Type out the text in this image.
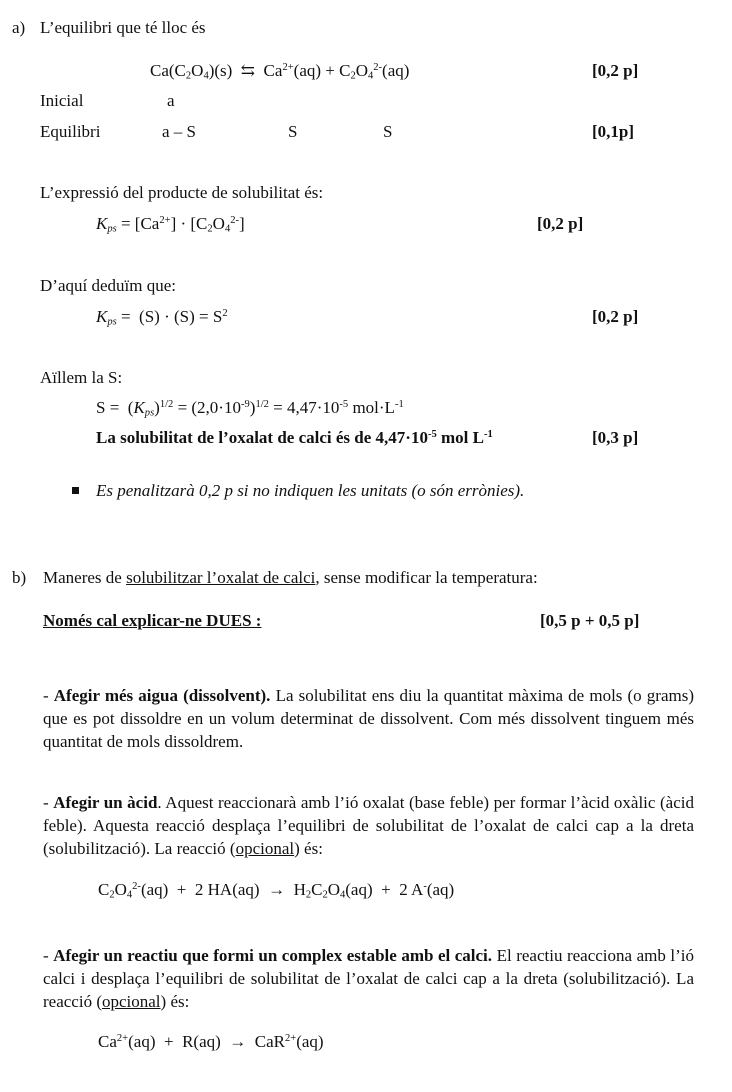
a) L’equilibri que té lloc és
$Ca(C_2O_4)(s)$  ⇆  $Ca^{2+}(aq) + C_2O_4^{2-}(aq)$	[0,2 p]
Inicial	a
Equilibri	a – S	S	S	[0,1p]
L’expressió del producte de solubilitat és:
$K_{ps} = [Ca^{2+}] \cdot [C_2O_4^{2-}]$	[0,2 p]
D’aquí deduïm que:
$K_{ps} = (S) \cdot (S) = S^2$	[0,2 p]
Aïllem la S:
$S = (K_{ps})^{1/2} = (2,0\cdot 10^{-9})^{1/2} = 4,47\cdot 10^{-5}$ $mol\cdot L^{-1}$
La solubilitat de l’oxalat de calci és de $4,47\cdot 10^{-5}$ mol $L^{-1}$	[0,3 p]
Es penalitzarà 0,2 p si no indiquen les unitats (o són errònies).
b) Maneres de solubilitzar l’oxalat de calci, sense modificar la temperatura:
Només cal explicar-ne DUES :	[0,5 p + 0,5 p]
- Afegir més aigua (dissolvent). La solubilitat ens diu la quantitat màxima de mols (o grams) que es pot dissoldre en un volum determinat de dissolvent. Com més dissolvent tinguem més quantitat de mols dissoldrem.
- Afegir un àcid. Aquest reaccionarà amb l’ió oxalat (base feble) per formar l’àcid oxàlic (àcid feble). Aquesta reacció desplaça l’equilibri de solubilitat de l’oxalat de calci cap a la dreta (solubilització). La reacció (opcional) és:
$C_2O_4^{2-}(aq) + 2$ $HA(aq) \to H_2C_2O_4(aq) + 2$ A-(aq)
- Afegir un reactiu que formi un complex estable amb el calci. El reactiu reacciona amb l’ió calci i desplaça l’equilibri de solubilitat de l’oxalat de calci cap a la dreta (solubilització). La reacció (opcional) és:
$Ca^{2+}(aq) + R(aq) \to CaR^{2+}(aq)$
